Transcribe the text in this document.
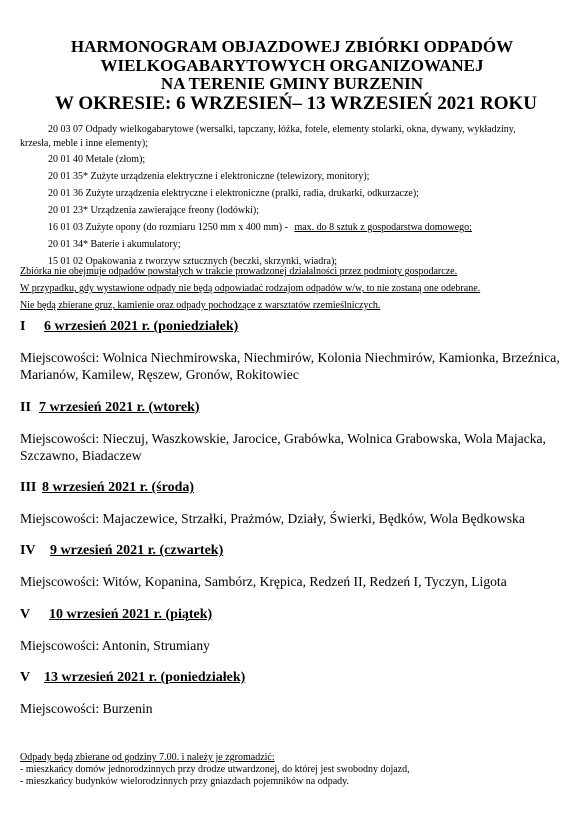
HARMONOGRAM OBJAZDOWEJ ZBIÓRKI ODPADÓW
WIELKOGABARYTOWYCH ORGANIZOWANEJ
NA TERENIE GMINY BURZENIN
W OKRESIE: 6 WRZESIEŃ– 13 WRZESIEŃ 2021 ROKU
20 03 07 Odpady wielkogabarytowe (wersalki, tapczany, łóżka, fotele, elementy stolarki, okna, dywany, wykładziny,
krzesła, meble i inne elementy);
20 01 40 Metale (złom);
20 01 35* Zużyte urządzenia elektryczne i elektroniczne (telewizory, monitory);
20 01 36 Zużyte urządzenia elektryczne i elektroniczne (pralki, radia, drukarki, odkurzacze);
20 01 23* Urządzenia zawierające freony (lodówki);
16 01 03 Zużyte opony (do rozmiaru 1250 mm x 400 mm) - max. do 8 sztuk z gospodarstwa domowego;
20 01 34* Baterie i akumulatory;
15 01 02 Opakowania z tworzyw sztucznych (beczki, skrzynki, wiadra);
Zbiórka nie obejmuje odpadów powstałych w trakcie prowadzonej działalności przez podmioty gospodarcze.
W przypadku, gdy wystawione odpady nie będą odpowiadać rodzajom odpadów w/w, to nie zostaną one odebrane.
Nie będą zbierane gruz, kamienie oraz odpady pochodzące z warsztatów rzemieślniczych.
I 6 wrzesień 2021 r. (poniedziałek)
Miejscowości: Wolnica Niechmirowska, Niechmirów, Kolonia Niechmirów, Kamionka, Brzeźnica, Marianów, Kamilew, Ręszew, Gronów, Rokitowiec
II 7 wrzesień 2021 r. (wtorek)
Miejscowości: Nieczuj, Waszkowskie, Jarocice, Grabówka, Wolnica Grabowska, Wola Majacka, Szczawno, Biadaczew
III 8 wrzesień 2021 r. (środa)
Miejscowości: Majaczewice, Strzałki, Prażmów, Działy, Świerki, Będków, Wola Będkowska
IV 9 wrzesień 2021 r. (czwartek)
Miejscowości: Witów, Kopanina, Sambórz, Krępica, Redzeń II, Redzeń I, Tyczyn, Ligota
V 10 wrzesień 2021 r. (piątek)
Miejscowości: Antonin, Strumiany
V 13 wrzesień 2021 r. (poniedziałek)
Miejscowości: Burzenin
Odpady będą zbierane od godziny 7.00. i należy je zgromadzić:
- mieszkańcy domów jednorodzinnych przy drodze utwardzonej, do której jest swobodny dojazd,
- mieszkańcy budynków wielorodzinnych przy gniazdach pojemników na odpady.
